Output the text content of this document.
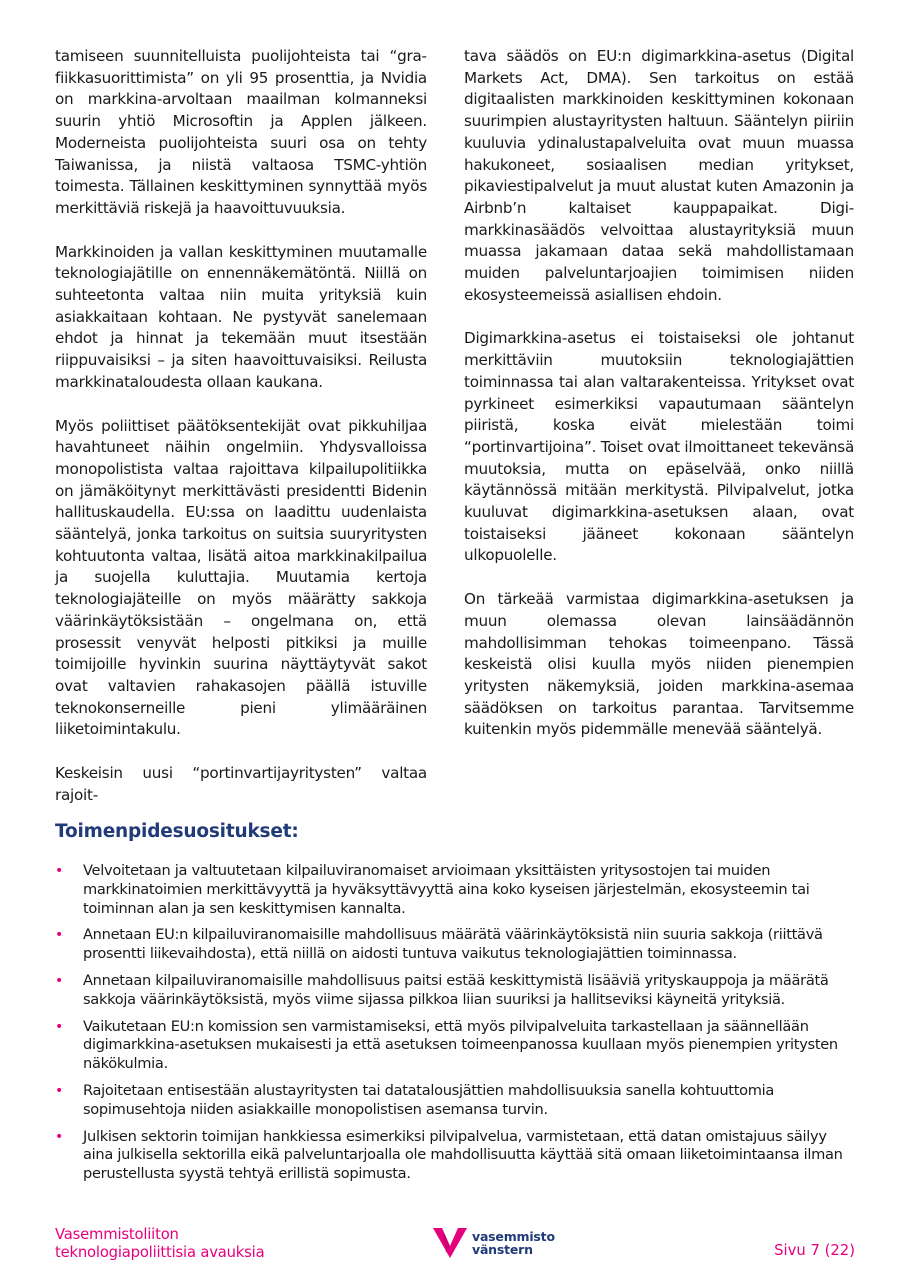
tamiseen suunnitelluista puolijohteista tai “grafiikkasuorittimista” on yli 95 prosenttia, ja Nvidia on markkina-arvoltaan maailman kolmanneksi suurin yhtiö Microsoftin ja Applen jälkeen. Moderneista puolijohteista suuri osa on tehty Taiwanissa, ja niistä valtaosa TSMC-yhtiön toimesta. Tällainen keskittyminen synnyttää myös merkittäviä riskejä ja haavoittuvuuksia.

Markkinoiden ja vallan keskittyminen muutamalle teknologiajätille on ennennäkemätöntä. Niillä on suhteetonta valtaa niin muita yrityksiä kuin asiakkaitaan kohtaan. Ne pystyvät sanelemaan ehdot ja hinnat ja tekemään muut itsestään riippuvaisiksi – ja siten haavoittuvaisiksi. Reilusta markkinataloudesta ollaan kaukana.

Myös poliittiset päätöksentekijät ovat pikkuhiljaa havahtuneet näihin ongelmiin. Yhdysvalloissa monopolistista valtaa rajoittava kilpailupolitiikka on jämäköitynyt merkittävästi presidentti Bidenin hallituskaudella. EU:ssa on laadittu uudenlaista sääntelyä, jonka tarkoitus on suitsia suuryritysten kohtuutonta valtaa, lisätä aitoa markkinakilpailua ja suojella kuluttajia. Muutamia kertoja teknologiajäteille on myös määrätty sakkoja väärinkäytöksistään – ongelmana on, että prosessit venyvät helposti pitkiksi ja muille toimijoille hyvinkin suurina näyttäytyvät sakot ovat valtavien rahakasojen päällä istuville teknokonserneille pieni ylimääräinen liiketoimintakulu.

Keskeisin uusi “portinvartijayritysten” valtaa rajoit-

tava säädös on EU:n digimarkkina-asetus (Digital Markets Act, DMA). Sen tarkoitus on estää digitaalisten markkinoiden keskittyminen kokonaan suurimpien alustayritysten haltuun. Sääntelyn piiriin kuuluvia ydinalustapalveluita ovat muun muassa hakukoneet, sosiaalisen median yritykset, pikaviestipalvelut ja muut alustat kuten Amazonin ja Airbnb’n kaltaiset kauppapaikat. Digi-markkinasäädös velvoittaa alustayrityksiä muun muassa jakamaan dataa sekä mahdollistamaan muiden palveluntarjoajien toimimisen niiden ekosysteemeissä asiallisen ehdoin.

Digimarkkina-asetus ei toistaiseksi ole johtanut merkittäviin muutoksiin teknologiajättien toiminnassa tai alan valtarakenteissa. Yritykset ovat pyrkineet esimerkiksi vapautumaan sääntelyn piiristä, koska eivät mielestään toimi “portinvartijoina”. Toiset ovat ilmoittaneet tekevänsä muutoksia, mutta on epäselvää, onko niillä käytännössä mitään merkitystä. Pilvipalvelut, jotka kuuluvat digimarkkina-asetuksen alaan, ovat toistaiseksi jääneet kokonaan sääntelyn ulkopuolelle.

On tärkeää varmistaa digimarkkina-asetuksen ja muun olemassa olevan lainsäädännön mahdollisimman tehokas toimeenpano. Tässä keskeistä olisi kuulla myös niiden pienempien yritysten näkemyksiä, joiden markkina-asemaa säädöksen on tarkoitus parantaa. Tarvitsemme kuitenkin myös pidemmälle menevää sääntelyä.

Toimenpidesuositukset:
• Velvoitetaan ja valtuutetaan kilpailuviranomaiset arvioimaan yksittäisten yritysostojen tai muiden markkinatoimien merkittävyyttä ja hyväksyttävyyttä aina koko kyseisen järjestelmän, ekosysteemin tai toiminnan alan ja sen keskittymisen kannalta.
• Annetaan EU:n kilpailuviranomaisille mahdollisuus määrätä väärinkäytöksistä niin suuria sakkoja (riittävä prosentti liikevaihdosta), että niillä on aidosti tuntuva vaikutus teknologiajättien toiminnassa.
• Annetaan kilpailuviranomaisille mahdollisuus paitsi estää keskittymistä lisääviä yrityskauppoja ja määrätä sakkoja väärinkäytöksistä, myös viime sijassa pilkkoa liian suuriksi ja hallitseviksi käyneitä yrityksiä.
• Vaikutetaan EU:n komission sen varmistamiseksi, että myös pilvipalveluita tarkastellaan ja säännellään digimarkkina-asetuksen mukaisesti ja että asetuksen toimeenpanossa kuullaan myös pienempien yritysten näkökulmia.
• Rajoitetaan entisestään alustayritysten tai datatalousjättien mahdollisuuksia sanella kohtuuttomia sopimusehtoja niiden asiakkaille monopolistisen asemansa turvin.
• Julkisen sektorin toimijan hankkiessa esimerkiksi pilvipalvelua, varmistetaan, että datan omistajuus säilyy aina julkisella sektorilla eikä palveluntarjoalla ole mahdollisuutta käyttää sitä omaan liiketoimintaansa ilman perustellusta syystä tehtyä erillistä sopimusta.
Vasemmistoliiton
teknologiapoliittisia avauksia
vasemmisto
vänstern	Sivu 7 (22)
